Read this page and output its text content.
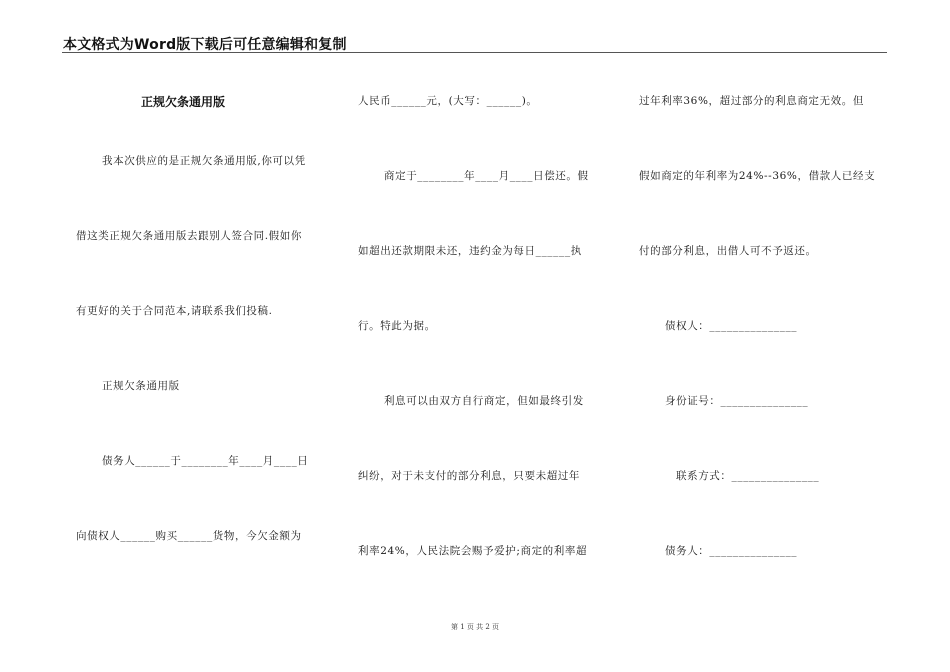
本文格式为Word版下载后可任意编辑和复制
正规欠条通用版
我本次供应的是正规欠条通用版,你可以凭
借这类正规欠条通用版去跟别人签合同.假如你
有更好的关于合同范本,请联系我们投稿.
正规欠条通用版
债务人______于________年____月____日
向债权人______购买______货物，今欠金额为
人民币______元，(大写：______)。
商定于________年____月____日偿还。假
如超出还款期限未还，违约金为每日______执
行。特此为据。
利息可以由双方自行商定，但如最终引发
纠纷，对于未支付的部分利息，只要未超过年
利率24%，人民法院会赐予爱护;商定的利率超
过年利率36%，超过部分的利息商定无效。但
假如商定的年利率为24%--36%，借款人已经支
付的部分利息，出借人可不予返还。
债权人：_______________
身份证号：_______________
联系方式：_______________
债务人：_______________
第 1 页 共 2 页
